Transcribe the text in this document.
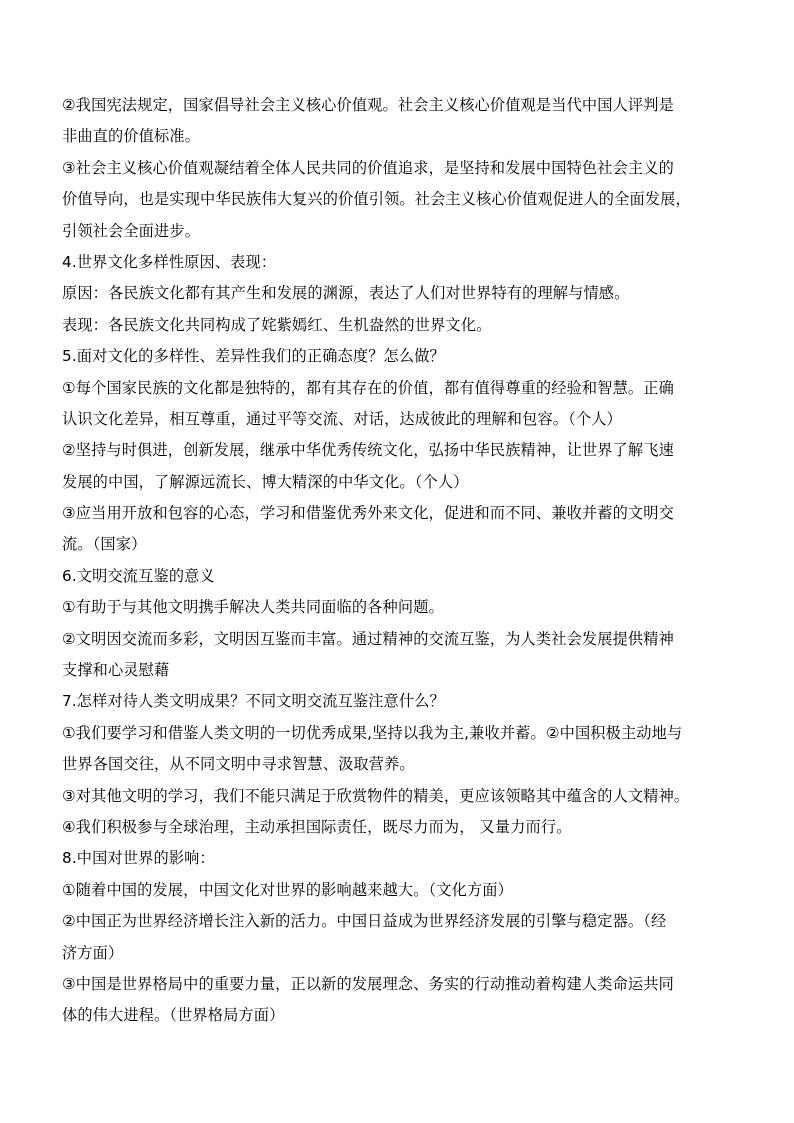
②我国宪法规定，国家倡导社会主义核心价值观。社会主义核心价值观是当代中国人评判是
非曲直的价值标准。
③社会主义核心价值观凝结着全体人民共同的价值追求，是坚持和发展中国特色社会主义的
价值导向，也是实现中华民族伟大复兴的价值引领。社会主义核心价值观促进人的全面发展，
引领社会全面进步。
4.世界文化多样性原因、表现：
原因：各民族文化都有其产生和发展的渊源，表达了人们对世界特有的理解与情感。
表现：各民族文化共同构成了姹紫嫣红、生机盎然的世界文化。
5.面对文化的多样性、差异性我们的正确态度？怎么做？
①每个国家民族的文化都是独特的，都有其存在的价值，都有值得尊重的经验和智慧。正确
认识文化差异，相互尊重，通过平等交流、对话，达成彼此的理解和包容。（个人）
②坚持与时俱进，创新发展，继承中华优秀传统文化，弘扬中华民族精神，让世界了解飞速
发展的中国，了解源远流长、博大精深的中华文化。（个人）
③应当用开放和包容的心态，学习和借鉴优秀外来文化，促进和而不同、兼收并蓄的文明交
流。（国家）
6.文明交流互鉴的意义
①有助于与其他文明携手解决人类共同面临的各种问题。
②文明因交流而多彩，文明因互鉴而丰富。通过精神的交流互鉴，为人类社会发展提供精神
支撑和心灵慰藉
7.怎样对待人类文明成果？不同文明交流互鉴注意什么？
①我们要学习和借鉴人类文明的一切优秀成果,坚持以我为主,兼收并蓄。②中国积极主动地与
世界各国交往，从不同文明中寻求智慧、汲取营养。
③对其他文明的学习，我们不能只满足于欣赏物件的精美，更应该领略其中蕴含的人文精神。
④我们积极参与全球治理，主动承担国际责任，既尽力而为， 又量力而行。
8.中国对世界的影响：
①随着中国的发展，中国文化对世界的影响越来越大。（文化方面）
②中国正为世界经济增长注入新的活力。中国日益成为世界经济发展的引擎与稳定器。（经
济方面）
③中国是世界格局中的重要力量，正以新的发展理念、务实的行动推动着构建人类命运共同
体的伟大进程。（世界格局方面）
